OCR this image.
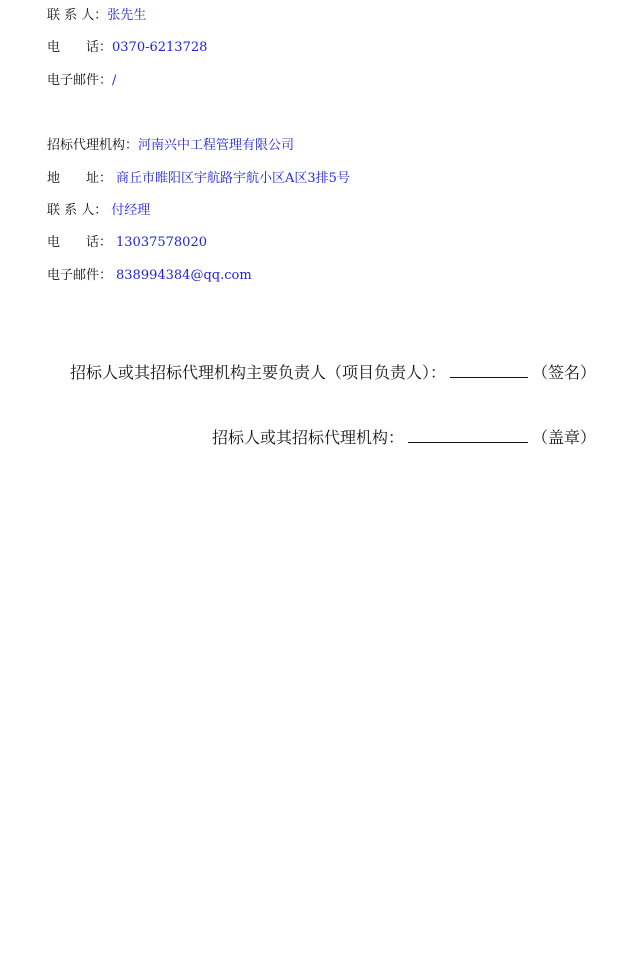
联 系 人：张先生
电　　话：0370-6213728
电子邮件：/
招标代理机构：河南兴中工程管理有限公司
地　　址： 商丘市睢阳区宇航路宇航小区A区3排5号
联 系 人： 付经理
电　　话： 13037578020
电子邮件： 838994384@qq.com
招标人或其招标代理机构主要负责人（项目负责人）：	（签名）
招标人或其招标代理机构：	（盖章）
